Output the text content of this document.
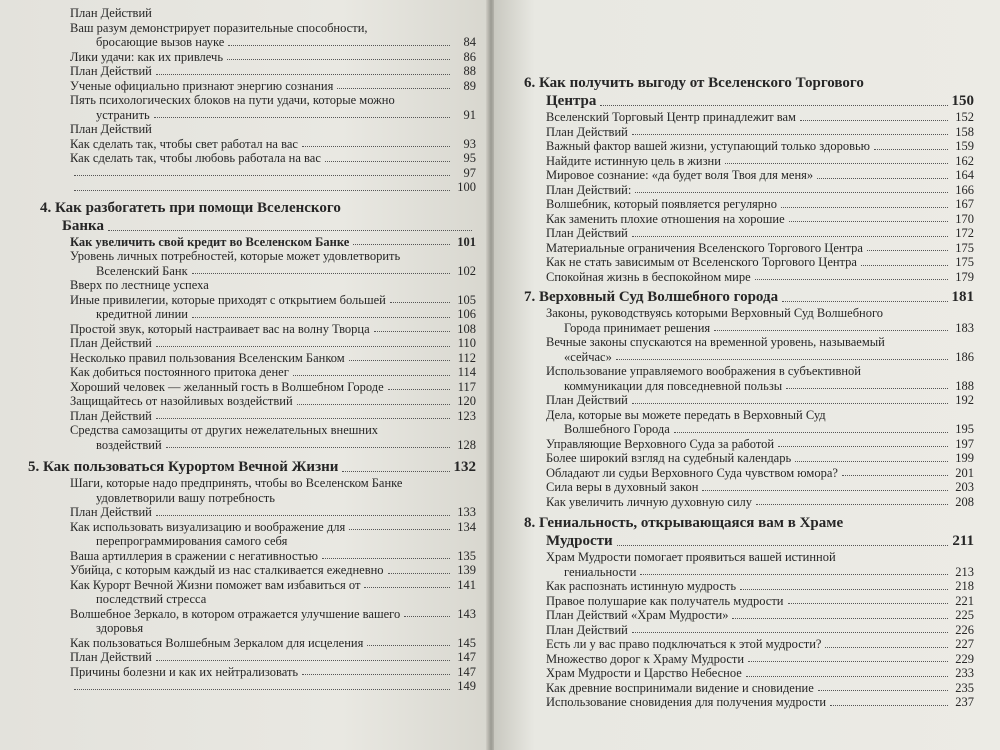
План Действий
Ваш разум демонстрирует поразительные способности,
бросающие вызов науке	84
Лики удачи: как их привлечь	86
План Действий	88
Ученые официально признают энергию сознания	89
Пять психологических блоков на пути удачи, которые можно
устранить	91
План Действий
Как сделать так, чтобы свет работал на вас	93
Как сделать так, чтобы любовь работала на вас	95
97
100
4. Как разбогатеть при помощи Вселенского
Банка
Как увеличить свой кредит во Вселенском Банке	101
Уровень личных потребностей, которые может удовлетворить
Вселенский Банк	102
Вверх по лестнице успеха
Иные привилегии, которые приходят с открытием большей	105
кредитной линии	106
Простой звук, который настраивает вас на волну Творца	108
План Действий	110
Несколько правил пользования Вселенским Банком	112
Как добиться постоянного притока денег	114
Хороший человек — желанный гость в Волшебном Городе	117
Защищайтесь от назойливых воздействий	120
План Действий	123
Средства самозащиты от других нежелательных внешних
воздействий	128
5. Как пользоваться Курортом Вечной Жизни	132
Шаги, которые надо предпринять, чтобы во Вселенском Банке
удовлетворили вашу потребность
План Действий	133
Как использовать визуализацию и воображение для	134
перепрограммирования самого себя
Ваша артиллерия в сражении с негативностью	135
Убийца, с которым каждый из нас сталкивается ежедневно	139
Как Курорт Вечной Жизни поможет вам избавиться от	141
последствий стресса
Волшебное Зеркало, в котором отражается улучшение вашего	143
здоровья
Как пользоваться Волшебным Зеркалом для исцеления	145
План Действий	147
Причины болезни и как их нейтрализовать	147
149
6. Как получить выгоду от Вселенского Торгового
Центра	150
Вселенский Торговый Центр принадлежит вам	152
План Действий	158
Важный фактор вашей жизни, уступающий только здоровью	159
Найдите истинную цель в жизни	162
Мировое сознание: «да будет воля Твоя для меня»	164
План Действий:	166
Волшебник, который появляется регулярно	167
Как заменить плохие отношения на хорошие	170
План Действий	172
Материальные ограничения Вселенского Торгового Центра	175
Как не стать зависимым от Вселенского Торгового Центра	175
Спокойная жизнь в беспокойном мире	179
7. Верховный Суд Волшебного города	181
Законы, руководствуясь которыми Верховный Суд Волшебного
Города принимает решения	183
Вечные законы спускаются на временной уровень, называемый
«сейчас»	186
Использование управляемого воображения в субъективной
коммуникации для повседневной пользы	188
План Действий	192
Дела, которые вы можете передать в Верховный Суд
Волшебного Города	195
Управляющие Верховного Суда за работой	197
Более широкий взгляд на судебный календарь	199
Обладают ли судьи Верховного Суда чувством юмора?	201
Сила веры в духовный закон	203
Как увеличить личную духовную силу	208
8. Гениальность, открывающаяся вам в Храме
Мудрости	211
Храм Мудрости помогает проявиться вашей истинной
гениальности	213
Как распознать истинную мудрость	218
Правое полушарие как получатель мудрости	221
План Действий «Храм Мудрости»	225
План Действий	226
Есть ли у вас право подключаться к этой мудрости?	227
Множество дорог к Храму Мудрости	229
Храм Мудрости и Царство Небесное	233
Как древние воспринимали видение и сновидение	235
Использование сновидения для получения мудрости	237
